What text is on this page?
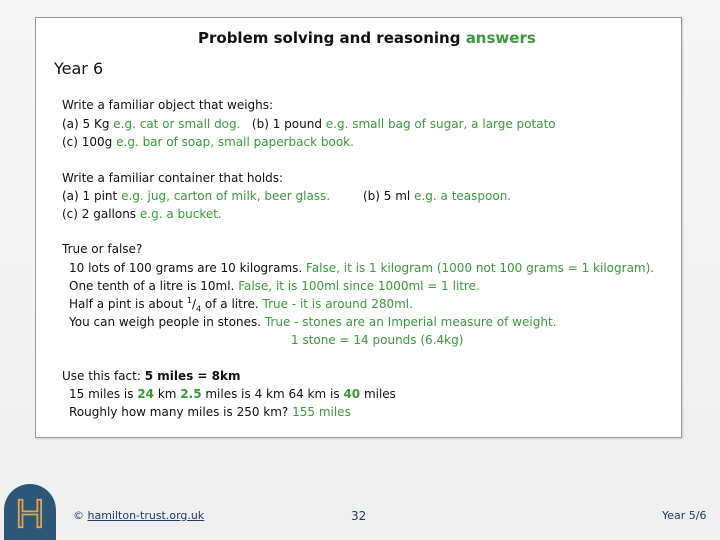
Problem solving and reasoning answers
Year 6
Write a familiar object that weighs:
(a) 5 Kg e.g. cat or small dog. (b) 1 pound e.g. small bag of sugar, a large potato
(c) 100g e.g. bar of soap, small paperback book.
Write a familiar container that holds:
(a) 1 pint e.g. jug, carton of milk, beer glass.	(b) 5 ml e.g. a teaspoon.
(c) 2 gallons e.g. a bucket.
True or false?
10 lots of 100 grams are 10 kilograms. False, it is 1 kilogram (1000 not 100 grams = 1 kilogram).
One tenth of a litre is 10ml. False, it is 100ml since 1000ml = 1 litre.
Half a pint is about $^1/_4$ of a litre. True - it is around 280ml.
You can weigh people in stones. True - stones are an Imperial measure of weight.
1 stone = 14 pounds (6.4kg)
Use this fact: 5 miles = 8km
15 miles is 24 km 2.5 miles is 4 km 64 km is 40 miles
Roughly how many miles is 250 km? 155 miles
H	© hamilton-trust.org.uk	32	Year 5/6
